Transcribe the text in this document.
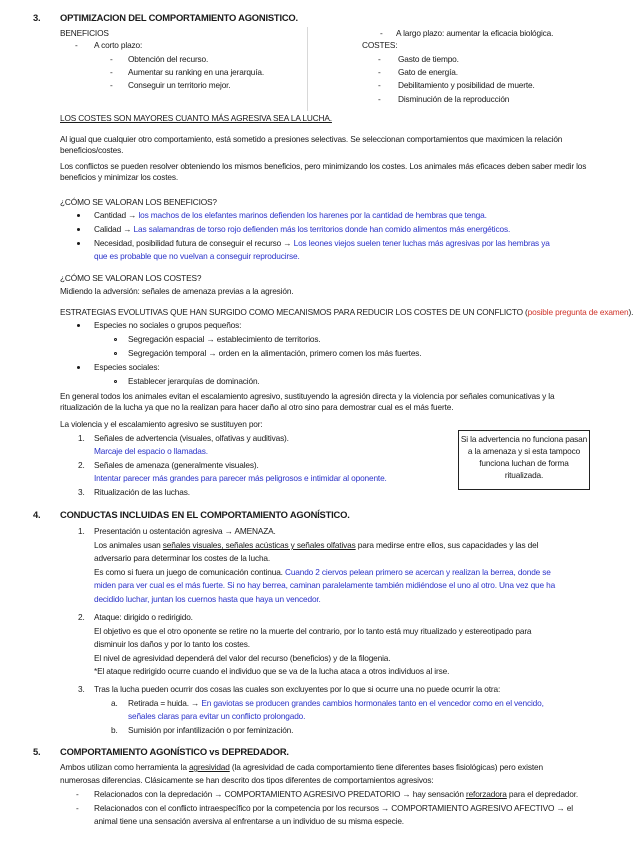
3. OPTIMIZACION DEL COMPORTAMIENTO AGONISTICO.
BENEFICIOS
- A corto plazo:
- Obtención del recurso.
- Aumentar su ranking en una jerarquía.
- Conseguir un territorio mejor.
- A largo plazo: aumentar la eficacia biológica.
COSTES:
- Gasto de tiempo.
- Gato de energía.
- Debilitamiento y posibilidad de muerte.
- Disminución de la reproducción
LOS COSTES SON MAYORES CUANTO MÁS AGRESIVA SEA LA LUCHA.
Al igual que cualquier otro comportamiento, está sometido a presiones selectivas. Se seleccionan comportamientos que maximicen la relación beneficios/costes.
Los conflictos se pueden resolver obteniendo los mismos beneficios, pero minimizando los costes. Los animales más eficaces deben saber medir los beneficios y minimizar los costes.
¿CÓMO SE VALORAN LOS BENEFICIOS?
Cantidad → los machos de los elefantes marinos defienden los harenes por la cantidad de hembras que tenga.
Calidad → Las salamandras de torso rojo defienden más los territorios donde han comido alimentos más energéticos.
Necesidad, posibilidad futura de conseguir el recurso → Los leones viejos suelen tener luchas más agresivas por las hembras ya
que es probable que no vuelvan a conseguir reproducirse.
¿CÓMO SE VALORAN LOS COSTES?
Midiendo la adversión: señales de amenaza previas a la agresión.
ESTRATEGIAS EVOLUTIVAS QUE HAN SURGIDO COMO MECANISMOS PARA REDUCIR LOS COSTES DE UN CONFLICTO (posible pregunta de examen).
Especies no sociales o grupos pequeños:
Segregación espacial → establecimiento de territorios.
Segregación temporal → orden en la alimentación, primero comen los más fuertes.
Especies sociales:
Establecer jerarquías de dominación.
En general todos los animales evitan el escalamiento agresivo, sustituyendo la agresión directa y la violencia por señales comunicativas y la ritualización de la lucha ya que no la realizan para hacer daño al otro sino para demostrar cual es el más fuerte.
La violencia y el escalamiento agresivo se sustituyen por:
1. Señales de advertencia (visuales, olfativas y auditivas).
Marcaje del espacio o llamadas.
2. Señales de amenaza (generalmente visuales).
Intentar parecer más grandes para parecer más peligrosos e intimidar al oponente.
3. Ritualización de las luchas.
Si la advertencia no funciona pasan a la amenaza y si esta tampoco funciona luchan de forma ritualizada.
4. CONDUCTAS INCLUIDAS EN EL COMPORTAMIENTO AGONÍSTICO.
1. Presentación u ostentación agresiva → AMENAZA.
Los animales usan señales visuales, señales acústicas y señales olfativas para medirse entre ellos, sus capacidades y las del
adversario para determinar los costes de la lucha.
Es como si fuera un juego de comunicación continua. Cuando 2 ciervos pelean primero se acercan y realizan la berrea, donde se
miden para ver cual es el más fuerte. Si no hay berrea, caminan paralelamente también midiéndose el uno al otro. Una vez que ha
decidido luchar, juntan los cuernos hasta que haya un vencedor.
2. Ataque: dirigido o redirigido.
El objetivo es que el otro oponente se retire no la muerte del contrario, por lo tanto está muy ritualizado y estereotipado para
disminuir los daños y por lo tanto los costes.
El nivel de agresividad dependerá del valor del recurso (beneficios) y de la filogenia.
*El ataque redirigido ocurre cuando el individuo que se va de la lucha ataca a otros individuos al irse.
3. Tras la lucha pueden ocurrir dos cosas las cuales son excluyentes por lo que si ocurre una no puede ocurrir la otra:
a. Retirada = huida. → En gaviotas se producen grandes cambios hormonales tanto en el vencedor como en el vencido,
señales claras para evitar un conflicto prolongado.
b. Sumisión por infantilización o por feminización.
5. COMPORTAMIENTO AGONÍSTICO vs DEPREDADOR.
Ambos utilizan como herramienta la agresividad (la agresividad de cada comportamiento tiene diferentes bases fisiológicas) pero existen
numerosas diferencias. Clásicamente se han descrito dos tipos diferentes de comportamientos agresivos:
- Relacionados con la depredación → COMPORTAMIENTO AGRESIVO PREDATORIO → hay sensación reforzadora para el depredador.
- Relacionados con el conflicto intraespecífico por la competencia por los recursos → COMPORTAMIENTO AGRESIVO AFECTIVO → el
animal tiene una sensación aversiva al enfrentarse a un individuo de su misma especie.
